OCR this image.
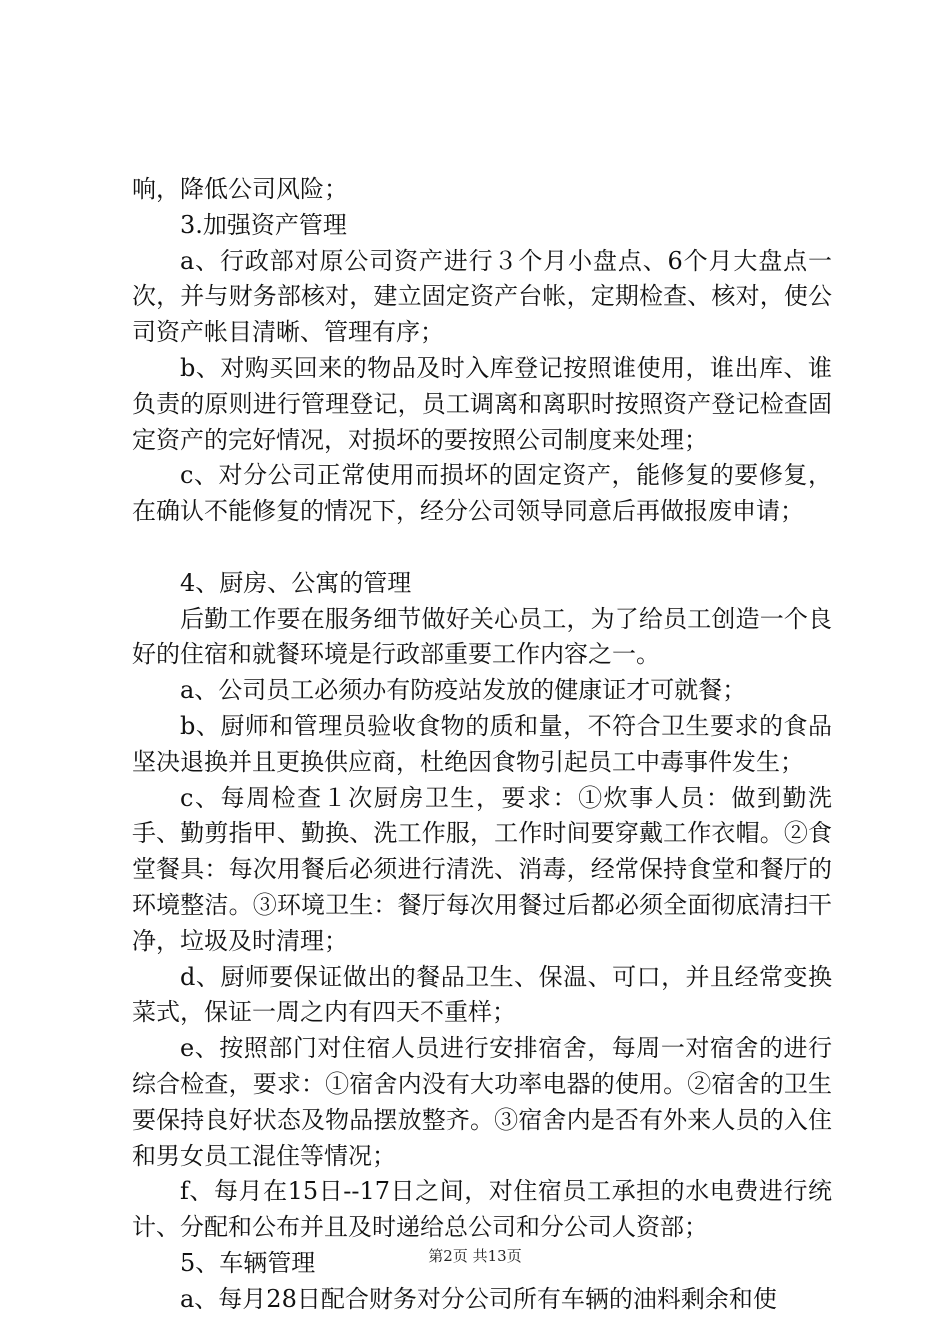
响，降低公司风险；

3.加强资产管理

a、行政部对原公司资产进行３个月小盘点、6个月大盘点一次，并与财务部核对，建立固定资产台帐，定期检查、核对，使公司资产帐目清晰、管理有序；

b、对购买回来的物品及时入库登记按照谁使用，谁出库、谁负责的原则进行管理登记，员工调离和离职时按照资产登记检查固定资产的完好情况，对损坏的要按照公司制度来处理；

c、对分公司正常使用而损坏的固定资产，能修复的要修复，在确认不能修复的情况下，经分公司领导同意后再做报废申请；

4、厨房、公寓的管理

后勤工作要在服务细节做好关心员工，为了给员工创造一个良好的住宿和就餐环境是行政部重要工作内容之一。

a、公司员工必须办有防疫站发放的健康证才可就餐；

b、厨师和管理员验收食物的质和量，不符合卫生要求的食品坚决退换并且更换供应商，杜绝因食物引起员工中毒事件发生；

c、每周检查１次厨房卫生，要求：①炊事人员：做到勤洗手、勤剪指甲、勤换、洗工作服，工作时间要穿戴工作衣帽。②食堂餐具：每次用餐后必须进行清洗、消毒，经常保持食堂和餐厅的环境整洁。③环境卫生：餐厅每次用餐过后都必须全面彻底清扫干净，垃圾及时清理；

d、厨师要保证做出的餐品卫生、保温、可口，并且经常变换菜式，保证一周之内有四天不重样；

e、按照部门对住宿人员进行安排宿舍，每周一对宿舍的进行综合检查，要求：①宿舍内没有大功率电器的使用。②宿舍的卫生要保持良好状态及物品摆放整齐。③宿舍内是否有外来人员的入住和男女员工混住等情况；

f、每月在15日--17日之间，对住宿员工承担的水电费进行统计、分配和公布并且及时递给总公司和分公司人资部；

5、车辆管理

a、每月28日配合财务对分公司所有车辆的油料剩余和使

第2页 共13页
